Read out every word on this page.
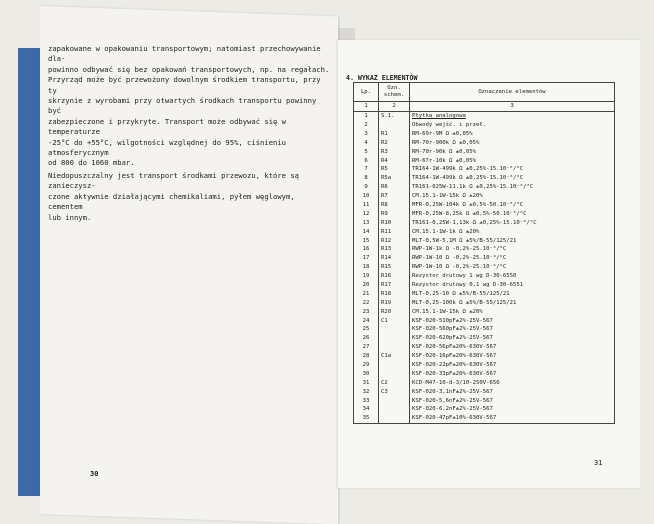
zapakowane w opakowaniu transportowym; natomiast przechowywanie dla-
powinno odbywać się bez opakowań transportowych, np. na regałach.
Przyrząd może być przewożony dowolnym środkiem transportu, przy ty
skrzynie z wyrobami przy otwartych środkach transportu powinny być
zabezpieczone i przykryte. Transport może odbywać się w temperaturze
-25°C do +55°C, wilgotności względnej do 95%, ciśnieniu atmosferycznym
od 800 do 1060 mbar.
Niedopuszczalny jest transport środkami przewozu, które są zanieczysz-
czone aktywnie działającymi chemikaliami, pyłem węglowym, cementem
lub innym.
30
4. WYKAZ ELEMENTÓW
Lp.	Ozn. schem.	Oznaczenie elementów
1	2	3
1	S.1.	Płytka analogowa
2		Obwody wejść. i przeł.
3	R1	RM-69r-9M Ω ±0,05%
4	R2	RM-70r-900k Ω ±0,05%
5	R3	RM-70r-90k Ω ±0,05%
6	R4	RM-67r-10k Ω ±0,05%
7	R5	TR164-1W-499k Ω ±0,25%-15.10⁻⁶/°C
8	R5a	TR164-1W-499k Ω ±0,25%-15.10⁻⁶/°C
9	R6	TR161-025W-11.1k Ω ±0,25%-15.10⁻⁶/°C
10	R7	CM.15.1-1W-15k Ω ±20%
11	R8	MFR-0,25W-104k Ω ±0,5%-50.10⁻⁶/°C
12	R9	MFR-0,25W-8,25k Ω ±0,5%-50.10⁻⁶/°C
13	R10	TR161-0,25W-1,13k Ω ±0,25%-15.10⁻⁶/°C
14	R11	CM.15.1-1W-1k Ω ±20%
15	R12	MLT-0,5W-5,1M Ω ±5%/B-55/125/21
16	R13	RWP-1W-1k Ω -0,2%-25.10⁻⁶/°C
17	R14	RWP-1W-10 Ω -0,2%-25.10⁻⁶/°C
18	R15	RWP-1W-10 Ω -0,2%-25.10⁻⁶/°C
19	R16	Rezystor drutowy 1 wg D-30-6550
20	R17	Rezystor drutowy 0,1 wg D-30-6551
21	R18	MLT-0,25-10 Ω ±5%/B-55/125/21
22	R19	MLT-0,25-100k Ω ±5%/B-55/125/21
23	R20	CM.15.1-1W-15k Ω ±20%
24	C1	KSF-020-510pF±2%-25V-567
25		KSF-020-560pF±2%-25V-567
26		KSF-020-620pF±2%-25V-567
27		KSF-020-56pF±20%-630V-567
28	C1a	KSF-020-16pF±20%-630V-567
29		KSF-020-22pF±20%-630V-567
30		KSF-020-33pF±20%-630V-567
31	C2	KCD-M47-10-d-3/10-250V-656
32	C3	KSF-020-3,1nF±2%-25V-567
33		KSF-020-5,6nF±2%-25V-567
34		KSF-020-6,2nF±2%-25V-567
35		KSF-020-47pF±10%-630V-567
31
